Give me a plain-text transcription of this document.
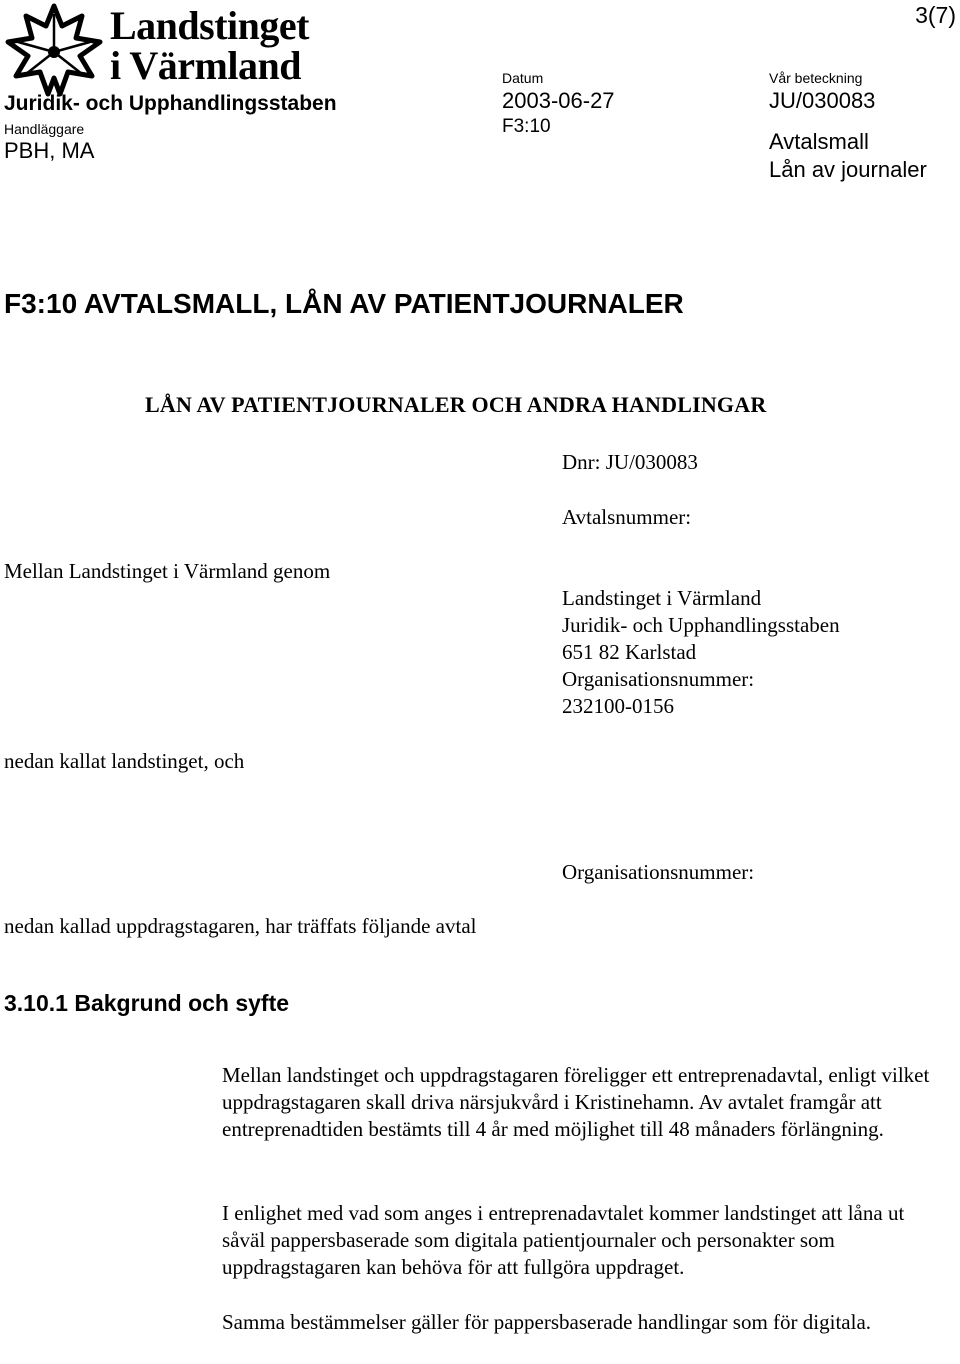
Landstinget
i Värmland
3(7)
Juridik- och Upphandlingsstaben
Handläggare
PBH, MA
Datum
2003-06-27
F3:10
Vår beteckning
JU/030083
Avtalsmall
Lån av journaler
F3:10 AVTALSMALL, LÅN AV PATIENTJOURNALER
LÅN AV PATIENTJOURNALER OCH ANDRA HANDLINGAR
Dnr: JU/030083
Avtalsnummer:
Mellan Landstinget i Värmland genom
Landstinget i Värmland
Juridik- och Upphandlingsstaben
651 82 Karlstad
Organisationsnummer:
232100-0156
nedan kallat landstinget, och
Organisationsnummer:
nedan kallad uppdragstagaren, har träffats följande avtal
3.10.1 Bakgrund och syfte

Mellan landstinget och uppdragstagaren föreligger ett entreprenadavtal, enligt vilket uppdragstagaren skall driva närsjukvård i Kristinehamn. Av avtalet framgår att entreprenadtiden bestämts till 4 år med möjlighet till 48 månaders förlängning.

I enlighet med vad som anges i entreprenadavtalet kommer landstinget att låna ut såväl pappersbaserade som digitala patientjournaler och personakter som uppdragstagaren kan behöva för att fullgöra uppdraget.

Samma bestämmelser gäller för pappersbaserade handlingar som för digitala.
